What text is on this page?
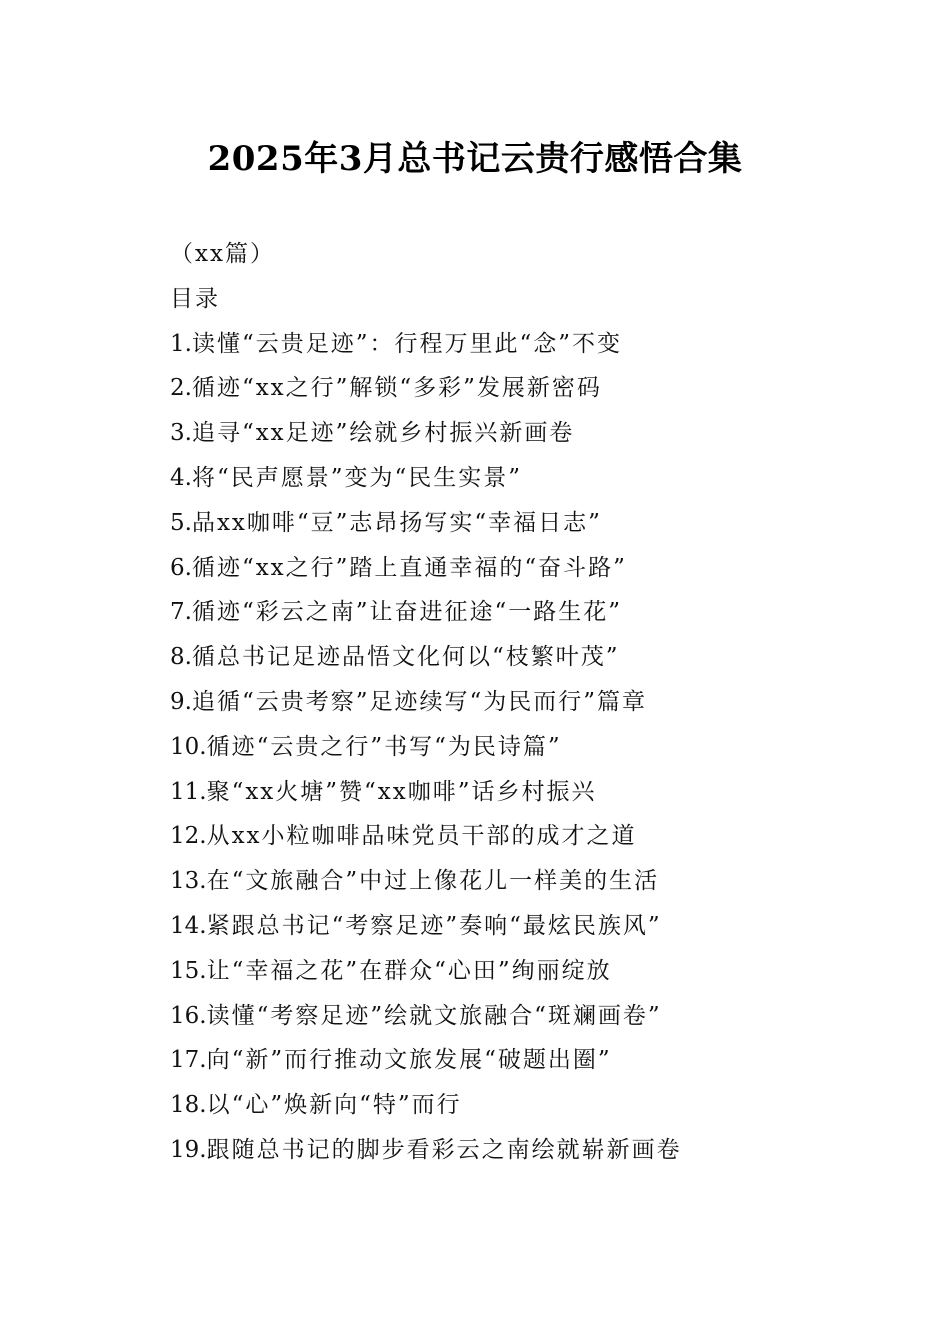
2025年3月总书记云贵行感悟合集
（xx篇）
目录
1.读懂“云贵足迹”：行程万里此“念”不变
2.循迹“xx之行”解锁“多彩”发展新密码
3.追寻“xx足迹”绘就乡村振兴新画卷
4.将“民声愿景”变为“民生实景”
5.品xx咖啡“豆”志昂扬写实“幸福日志”
6.循迹“xx之行”踏上直通幸福的“奋斗路”
7.循迹“彩云之南”让奋进征途“一路生花”
8.循总书记足迹品悟文化何以“枝繁叶茂”
9.追循“云贵考察”足迹续写“为民而行”篇章
10.循迹“云贵之行”书写“为民诗篇”
11.聚“xx火塘”赞“xx咖啡”话乡村振兴
12.从xx小粒咖啡品味党员干部的成才之道
13.在“文旅融合”中过上像花儿一样美的生活
14.紧跟总书记“考察足迹”奏响“最炫民族风”
15.让“幸福之花”在群众“心田”绚丽绽放
16.读懂“考察足迹”绘就文旅融合“斑斓画卷”
17.向“新”而行推动文旅发展“破题出圈”
18.以“心”焕新向“特”而行
19.跟随总书记的脚步看彩云之南绘就崭新画卷
